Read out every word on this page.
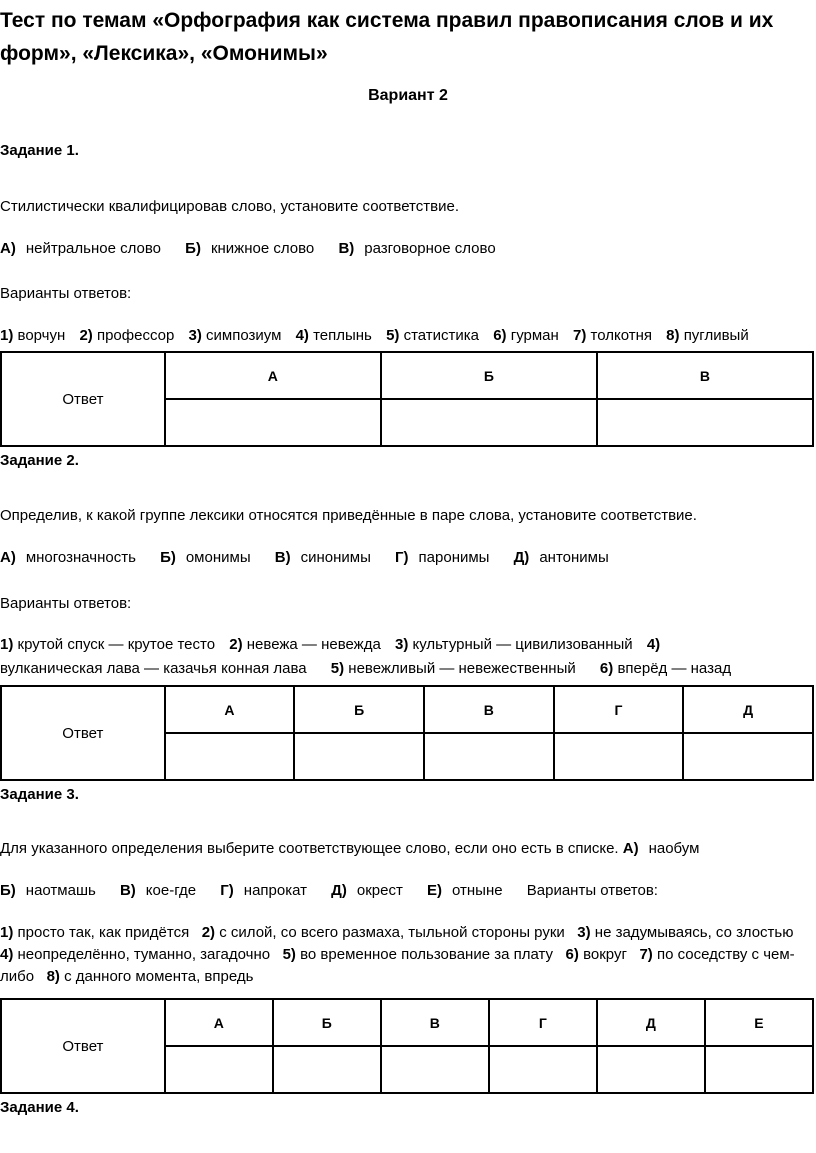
Тест по темам «Орфография как система правил правописания слов и их форм», «Лексика», «Омонимы»
Вариант 2
Задание 1.
Стилистически квалифицировав слово, установите соответствие.
А) нейтральное слово Б) книжное слово В) разговорное слово
Варианты ответов:
1) ворчун 2) профессор 3) симпозиум 4) теплынь 5) статистика 6) гурман 7) толкотня 8) пугливый
Ответ	А	Б	В

Задание 2.
Определив, к какой группе лексики относятся приведённые в паре слова, установите соответствие.
А) многозначность Б) омонимы В) синонимы Г) паронимы Д) антонимы
Варианты ответов:
1) крутой спуск — крутое тесто 2) невежа — невежда 3) культурный — цивилизованный 4)
вулканическая лава — казачья конная лава 5) невежливый — невежественный 6) вперёд — назад
Ответ	А	Б	В	Г	Д

Задание 3.
Для указанного определения выберите соответствующее слово, если оно есть в списке. А) наобум
Б) наотмашь В) кое-где Г) напрокат Д) окрест Е) отныне Варианты ответов:
1) просто так, как придётся 2) с силой, со всего размаха, тыльной стороны руки 3) не задумываясь, со злостью   4) неопределённо, туманно, загадочно 5) во временное пользование за плату 6) вокруг 7) по соседству с чем-либо 8) с данного момента, впредь
Ответ	А	Б	В	Г	Д	Е

Задание 4.
